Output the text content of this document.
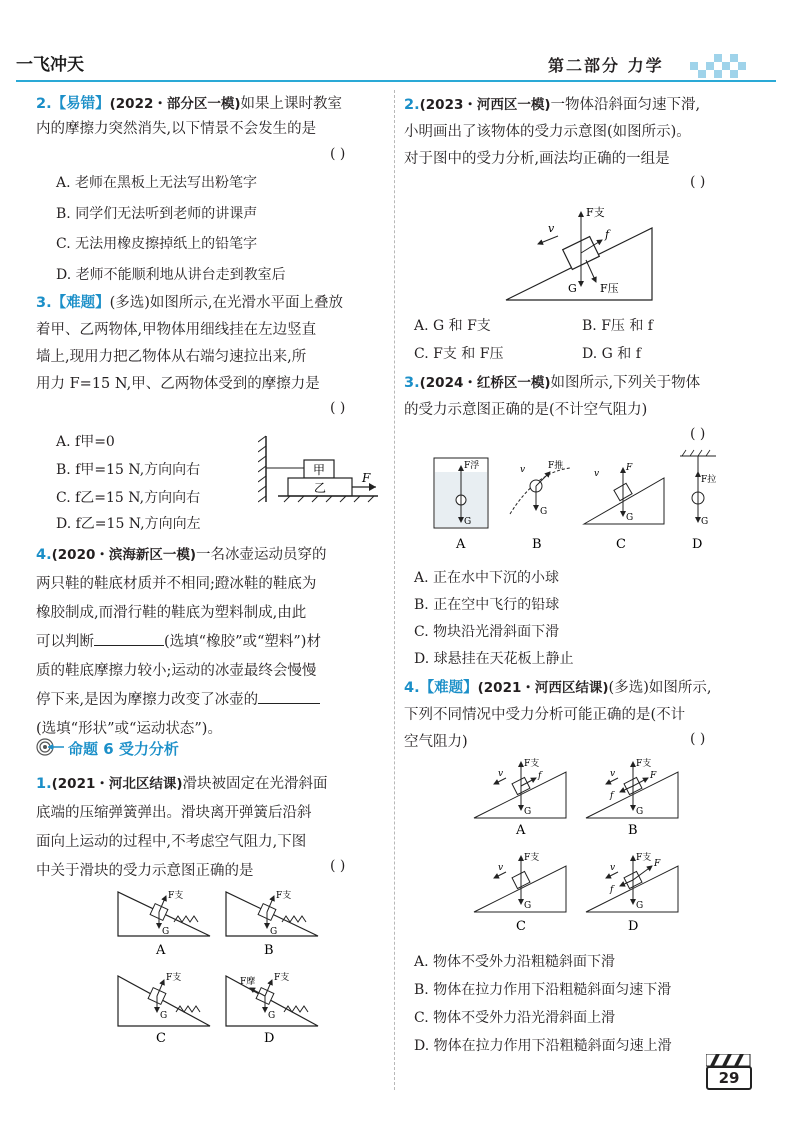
一飞冲天	第二部分 力学
2.【易错】(2022・部分区一模)如果上课时教室
内的摩擦力突然消失,以下情景不会发生的是
( )
A. 老师在黑板上无法写出粉笔字
B. 同学们无法听到老师的讲课声
C. 无法用橡皮擦掉纸上的铅笔字
D. 老师不能顺利地从讲台走到教室后
3.【难题】(多选)如图所示,在光滑水平面上叠放
着甲、乙两物体,甲物体用细线挂在左边竖直
墙上,现用力把乙物体从右端匀速拉出来,所
用力 F=15 N,甲、乙两物体受到的摩擦力是
( )
A. f甲=0
B. f甲=15 N,方向向右
C. f乙=15 N,方向向右
D. f乙=15 N,方向向左
甲
乙
F
4.(2020・滨海新区一模)一名冰壶运动员穿的
两只鞋的鞋底材质并不相同;蹬冰鞋的鞋底为
橡胶制成,而滑行鞋的鞋底为塑料制成,由此
可以判断	(选填“橡胶”或“塑料”)材
质的鞋底摩擦力较小;运动的冰壶最终会慢慢
停下来,是因为摩擦力改变了冰壶的
(选填“形状”或“运动状态”)。
命题 6 受力分析
1.(2021・河北区结课)滑块被固定在光滑斜面
底端的压缩弹簧弹出。滑块离开弹簧后沿斜
面向上运动的过程中,不考虑空气阻力,下图
中关于滑块的受力示意图正确的是	( )
F支
G
A
F支
G
B
F支
G
C
F摩 F支
G
D
2.(2023・河西区一模)一物体沿斜面匀速下滑,
小明画出了该物体的受力示意图(如图所示)。
对于图中的受力分析,画法均正确的一组是
( )
v
F支
f
G F压
A. G 和 F支	B. F压 和 f
C. F支 和 F压	D. G 和 f
3.(2024・红桥区一模)如图所示,下列关于物体
的受力示意图正确的是(不计空气阻力)
( )
F浮
G
A
v	F推
G
B
v
F
G
C
F拉
G
D
A. 正在水中下沉的小球
B. 正在空中飞行的铅球
C. 物块沿光滑斜面下滑
D. 球悬挂在天花板上静止
4.【难题】(2021・河西区结课)(多选)如图所示,
下列不同情况中受力分析可能正确的是(不计
空气阻力)	( )
v
F支
f
G
A
v
F支
F
f
G
B
v
F支
G
C
v
F支
F
f
G
D
A. 物体不受外力沿粗糙斜面下滑
B. 物体在拉力作用下沿粗糙斜面匀速下滑
C. 物体不受外力沿光滑斜面上滑
D. 物体在拉力作用下沿粗糙斜面匀速上滑
29
